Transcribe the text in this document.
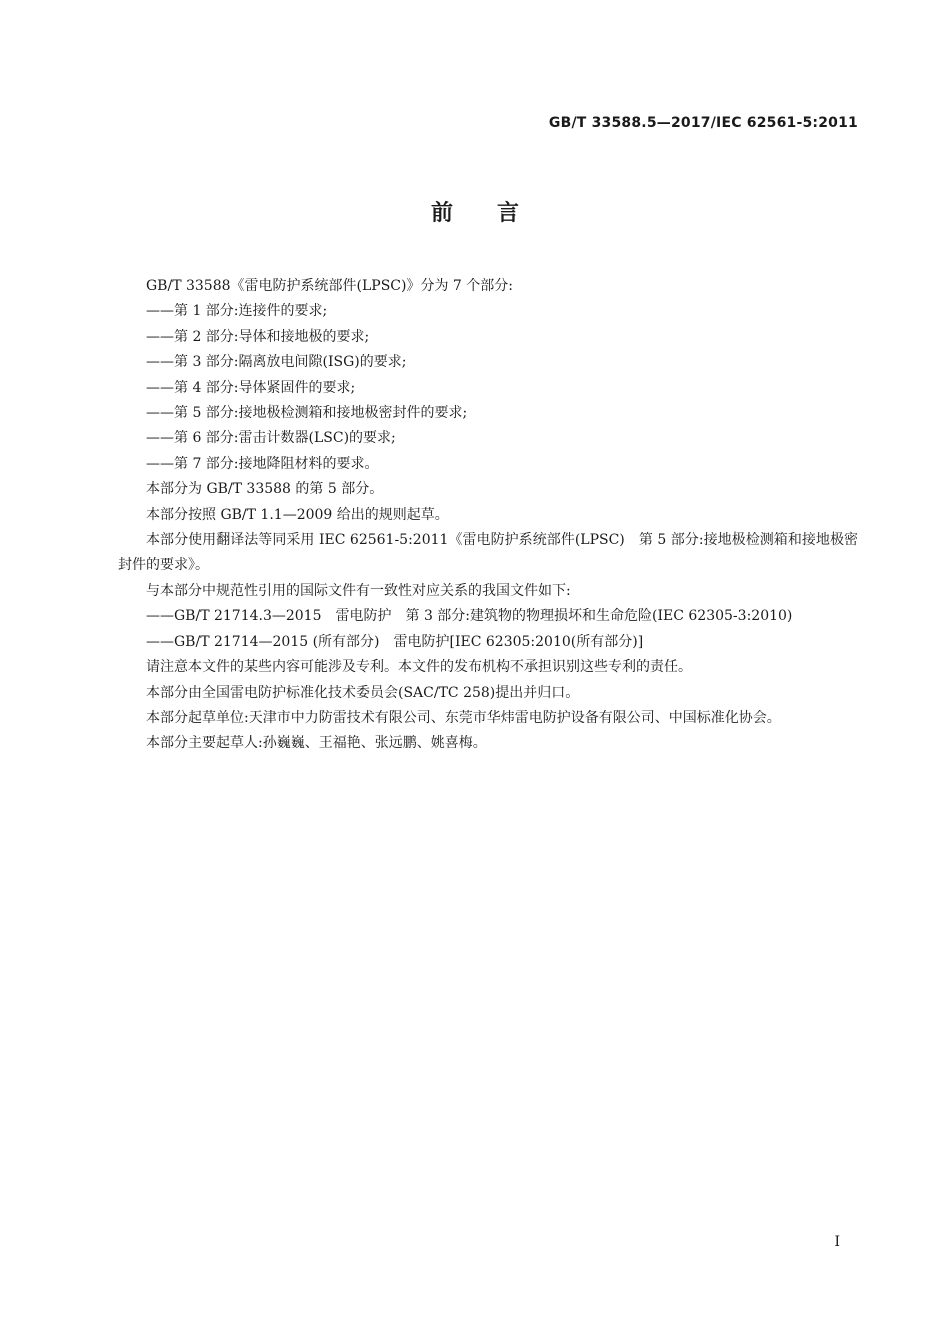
GB/T 33588.5—2017/IEC 62561-5:2011
前言

GB/T 33588《雷电防护系统部件(LPSC)》分为 7 个部分:

——第 1 部分:连接件的要求;

——第 2 部分:导体和接地极的要求;

——第 3 部分:隔离放电间隙(ISG)的要求;

——第 4 部分:导体紧固件的要求;

——第 5 部分:接地极检测箱和接地极密封件的要求;

——第 6 部分:雷击计数器(LSC)的要求;

——第 7 部分:接地降阻材料的要求。

本部分为 GB/T 33588 的第 5 部分。

本部分按照 GB/T 1.1—2009 给出的规则起草。

本部分使用翻译法等同采用 IEC 62561-5:2011《雷电防护系统部件(LPSC)　第 5 部分:接地极检测箱和接地极密封件的要求》。

与本部分中规范性引用的国际文件有一致性对应关系的我国文件如下:

——GB/T 21714.3—2015　雷电防护　第 3 部分:建筑物的物理损坏和生命危险(IEC 62305-3:2010)

——GB/T 21714—2015 (所有部分)　雷电防护[IEC 62305:2010(所有部分)]

请注意本文件的某些内容可能涉及专利。本文件的发布机构不承担识别这些专利的责任。

本部分由全国雷电防护标准化技术委员会(SAC/TC 258)提出并归口。

本部分起草单位:天津市中力防雷技术有限公司、东莞市华炜雷电防护设备有限公司、中国标准化协会。

本部分主要起草人:孙巍巍、王福艳、张远鹏、姚喜梅。

I
